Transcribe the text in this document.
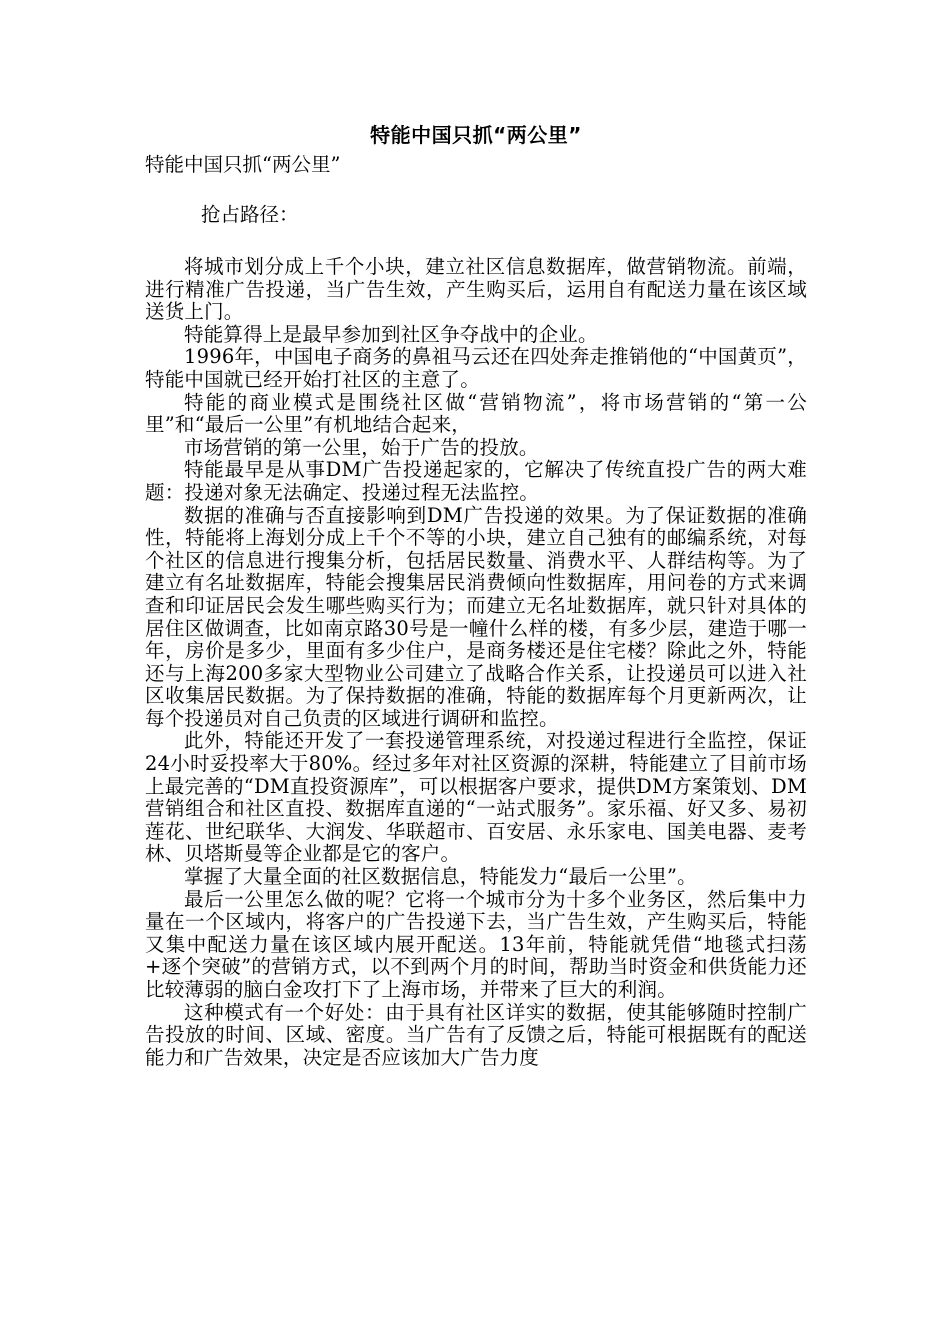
特能中国只抓“两公里”

特能中国只抓“两公里”

抢占路径：

将城市划分成上千个小块，建立社区信息数据库，做营销物流。前端，进行精准广告投递，当广告生效，产生购买后，运用自有配送力量在该区域送货上门。

特能算得上是最早参加到社区争夺战中的企业。

1996年，中国电子商务的鼻祖马云还在四处奔走推销他的“中国黄页”，特能中国就已经开始打社区的主意了。

特能的商业模式是围绕社区做“营销物流”，将市场营销的“第一公里”和“最后一公里”有机地结合起来，

市场营销的第一公里，始于广告的投放。

特能最早是从事DM广告投递起家的，它解决了传统直投广告的两大难题：投递对象无法确定、投递过程无法监控。

数据的准确与否直接影响到DM广告投递的效果。为了保证数据的准确性，特能将上海划分成上千个不等的小块，建立自己独有的邮编系统，对每个社区的信息进行搜集分析，包括居民数量、消费水平、人群结构等。为了建立有名址数据库，特能会搜集居民消费倾向性数据库，用问卷的方式来调查和印证居民会发生哪些购买行为；而建立无名址数据库，就只针对具体的居住区做调查，比如南京路30号是一幢什么样的楼，有多少层，建造于哪一年，房价是多少，里面有多少住户，是商务楼还是住宅楼？除此之外，特能还与上海200多家大型物业公司建立了战略合作关系，让投递员可以进入社区收集居民数据。为了保持数据的准确，特能的数据库每个月更新两次，让每个投递员对自己负责的区域进行调研和监控。

此外，特能还开发了一套投递管理系统，对投递过程进行全监控，保证24小时妥投率大于80%。经过多年对社区资源的深耕，特能建立了目前市场上最完善的“DM直投资源库”，可以根据客户要求，提供DM方案策划、DM营销组合和社区直投、数据库直递的“一站式服务”。家乐福、好又多、易初莲花、世纪联华、大润发、华联超市、百安居、永乐家电、国美电器、麦考林、贝塔斯曼等企业都是它的客户。

掌握了大量全面的社区数据信息，特能发力“最后一公里”。

最后一公里怎么做的呢？它将一个城市分为十多个业务区，然后集中力量在一个区域内，将客户的广告投递下去，当广告生效，产生购买后，特能又集中配送力量在该区域内展开配送。13年前，特能就凭借“地毯式扫荡+逐个突破”的营销方式，以不到两个月的时间，帮助当时资金和供货能力还比较薄弱的脑白金攻打下了上海市场，并带来了巨大的利润。

这种模式有一个好处：由于具有社区详实的数据，使其能够随时控制广告投放的时间、区域、密度。当广告有了反馈之后，特能可根据既有的配送能力和广告效果，决定是否应该加大广告力度
